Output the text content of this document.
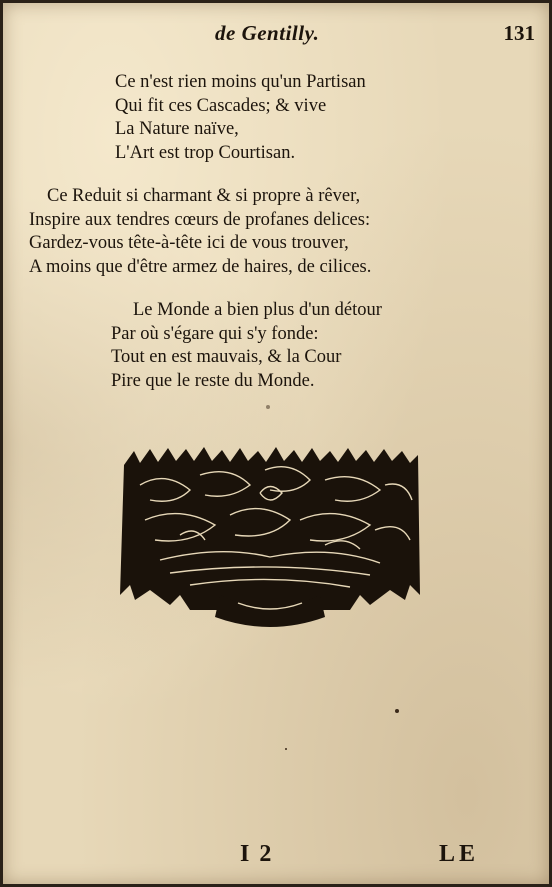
de Gentilly.	131
Ce n'est rien moins qu'un Partisan
Qui fit ces Cascades; & vive
La Nature naïve,
L'Art est trop Courtisan.
Ce Reduit si charmant & si propre à rêver,
Inspire aux tendres cœurs de profanes delices:
Gardez-vous tête-à-tête ici de vous trouver,
A moins que d'être armez de haires, de cilices.
Le Monde a bien plus d'un détour
Par où s'égare qui s'y fonde:
Tout en est mauvais, & la Cour
Pire que le reste du Monde.
I 2	LE
